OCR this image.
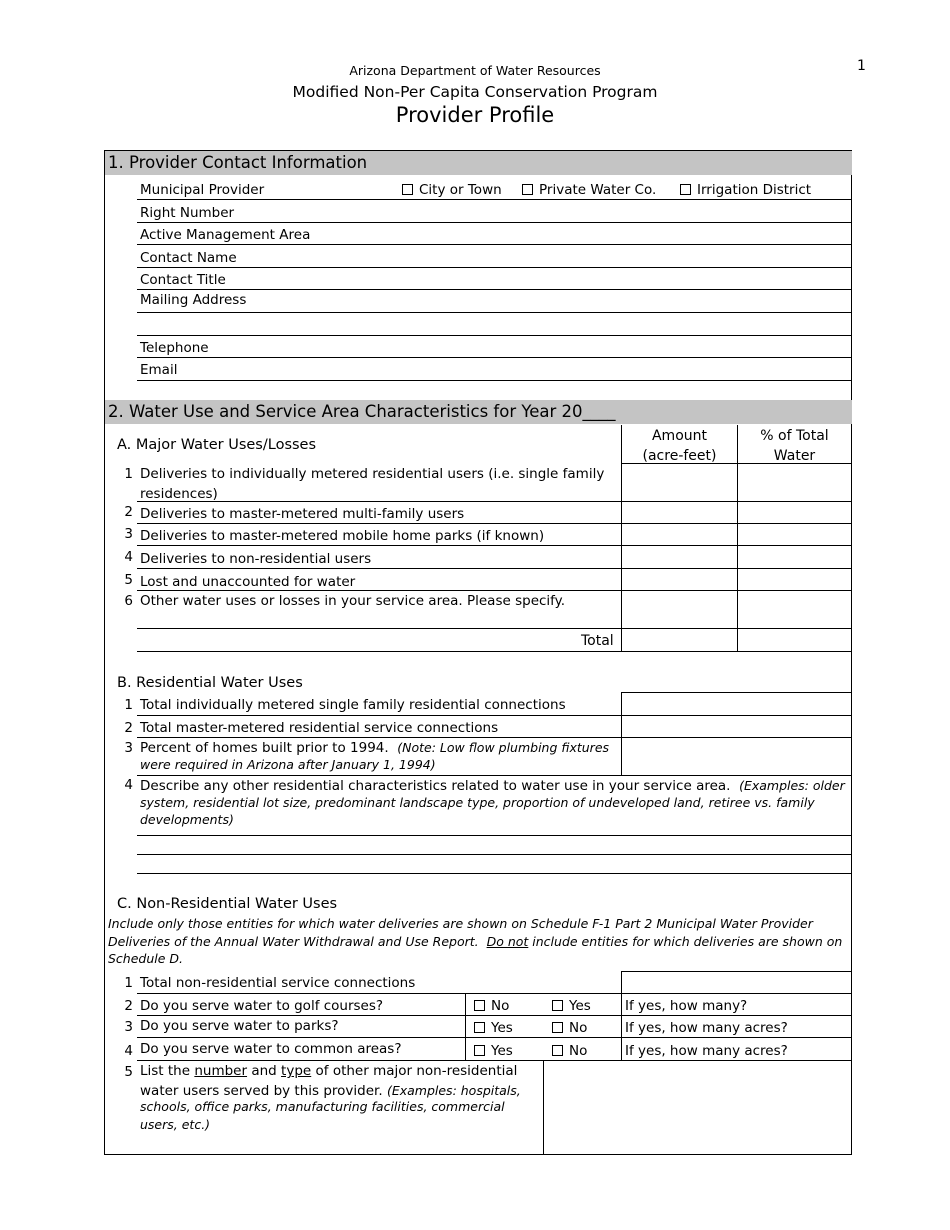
1
Arizona Department of Water Resources
Modified Non-Per Capita Conservation Program
Provider Profile
1. Provider Contact Information
Municipal Provider	City or Town	Private Water Co.	Irrigation District
Right Number
Active Management Area
Contact Name
Contact Title
Mailing Address
Telephone
Email
2. Water Use and Service Area Characteristics for Year 20____
A. Major Water Uses/Losses
Amount
(acre-feet)
% of Total
Water
1 Deliveries to individually metered residential users (i.e. single family
residences)
2 Deliveries to master-metered multi-family users
3 Deliveries to master-metered mobile home parks (if known)
4 Deliveries to non-residential users
5 Lost and unaccounted for water
6 Other water uses or losses in your service area. Please specify.
Total
B. Residential Water Uses
1 Total individually metered single family residential connections
2 Total master-metered residential service connections
3 Percent of homes built prior to 1994. (Note: Low flow plumbing fixtures
were required in Arizona after January 1, 1994)
4 Describe any other residential characteristics related to water use in your service area. (Examples: older
system, residential lot size, predominant landscape type, proportion of undeveloped land, retiree vs. family
developments)
C. Non-Residential Water Uses
Include only those entities for which water deliveries are shown on Schedule F-1 Part 2 Municipal Water Provider
Deliveries of the Annual Water Withdrawal and Use Report. Do not include entities for which deliveries are shown on
Schedule D.
1 Total non-residential service connections
2 Do you serve water to golf courses?	No	Yes	If yes, how many?
3 Do you serve water to parks?	Yes	No	If yes, how many acres?
4 Do you serve water to common areas?	Yes	No	If yes, how many acres?
5 List the number and type of other major non-residential
water users served by this provider. (Examples: hospitals,
schools, office parks, manufacturing facilities, commercial
users, etc.)
